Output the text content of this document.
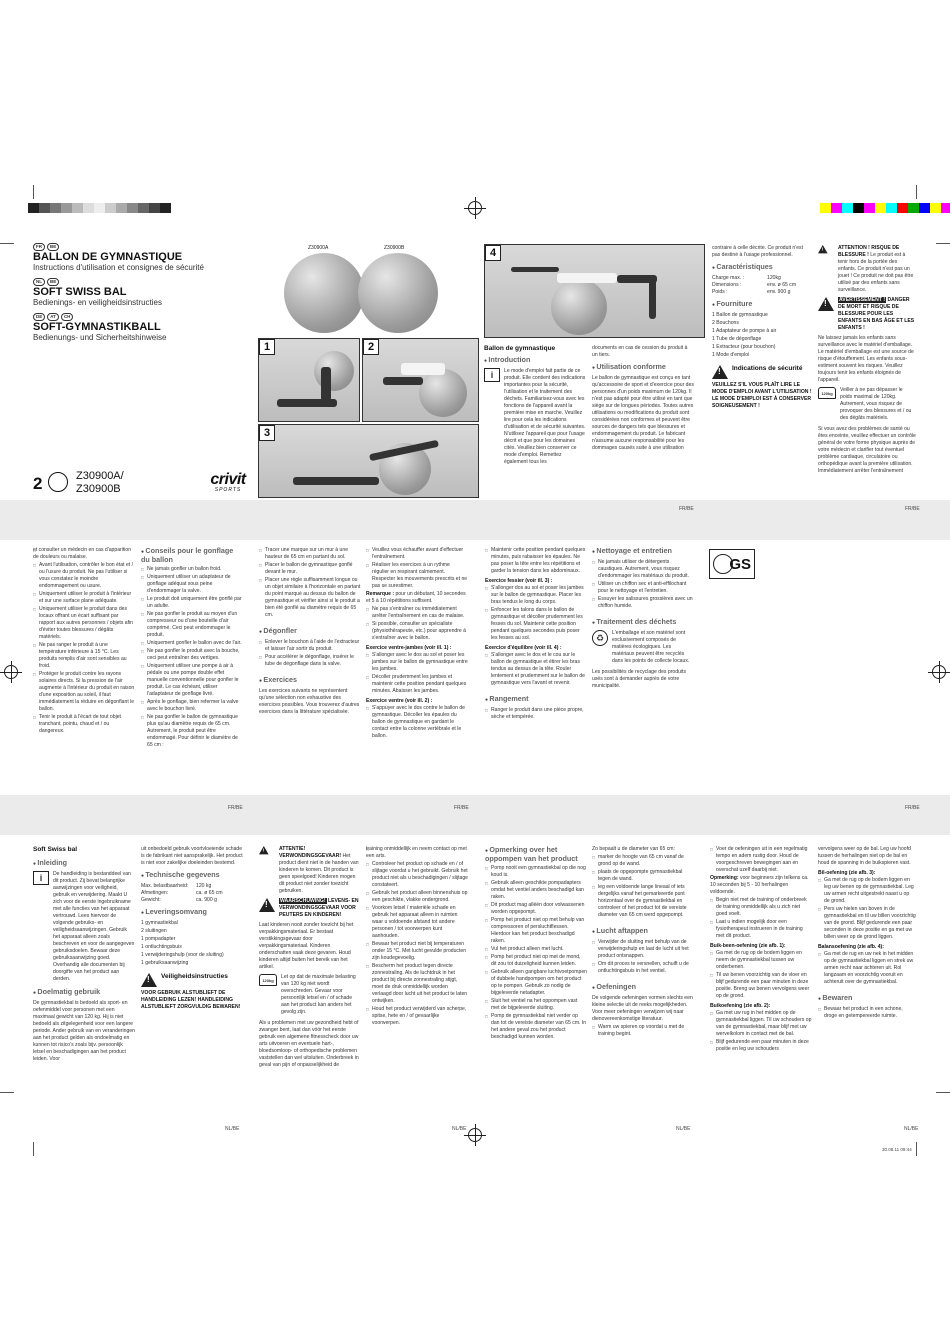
FR BE
BALLON DE GYMNASTIQUE
Instructions d'utilisation et consignes de sécurité
NL BE
SOFT SWISS BAL
Bedienings- en veiligheidsinstructies
DE AT CH
SOFT-GYMNASTIKBALL
Bedienungs- und Sicherheitshinweise
2	Z30900A/
Z30900B
crivit
SPORTS
Z30900A	Z30900B
1	2
3
4
Ballon de gymnastique
● Introduction
i	Le mode d'emploi fait partie de ce produit. Elle contient des indications importantes pour la sécurité, l'utilisation et le traitement des déchets. Familiarisez-vous avec les fonctions de l'appareil avant la première mise en marche. Veuillez lire pour cela les indications d'utilisation et de sécurité suivantes. N'utilisez l'appareil que pour l'usage décrit et que pour les domaines cités. Veuillez bien conserver ce mode d'emploi. Remettez également tous les

documents en cas de cession du produit à un tiers.

● Utilisation conforme

Le ballon de gymnastique est conçu en tant qu'accessoire de sport et d'exercice pour des personnes d'un poids maximum de 120kg. Il n'est pas adapté pour être utilisé en tant que siège sur de longues périodes. Toutes autres utilisations ou modifications du produit sont considérées non conformes et peuvent être sources de dangers tels que blessures et endommagement du produit. Le fabricant n'assume aucune responsabilité pour les dommages causés suite à une utilisation

contraire à celle décrite. Ce produit n'est pas destiné à l'usage professionnel.

● Caractéristiques
Charge max. :	120kg
Dimensions :	env. ø 65 cm
Poids :	env. 900 g
● Fourniture

1 Ballon de gymnastique

2 Bouchons

1 Adaptateur de pompe à air

1 Tube de dégonflage

1 Extracteur (pour bouchon)

1 Mode d'emploi

! Indications de sécurité

VEUILLEZ S'IL VOUS PLAÎT LIRE LE MODE D'EMPLOI AVANT L'UTILISATION ! LE MODE D'EMPLOI EST À CONSERVER SOIGNEUSEMENT !

!	ATTENTION ! RISQUE DE BLESSURE ! Le produit est à tenir hors de la portée des enfants. Ce produit n'est pas un jouet ! Ce produit ne doit pas être utilisé par des enfants sans surveillance.
! AVERTISSEMENT ! DANGER DE MORT ET RISQUE DE BLESSURE POUR LES ENFANTS EN BAS ÂGE ET LES ENFANTS !

Ne laissez jamais les enfants sans surveillance avec le matériel d'emballage. Le matériel d'emballage est une source de risque d'étouffement. Les enfants sous-estiment souvent les risques. Veuillez toujours tenir les enfants éloignés de l'appareil.

120kg

Veiller à ne pas dépasser le poids maximal de 120kg. Autrement, vous risquez de provoquer des blessures et / ou des dégâts matériels.

Si vous avez des problèmes de santé ou êtes enceinte, veuillez effectuer un contrôle général de votre forme physique auprès de votre médecin et clarifier tout éventuel problème cardiaque, circulatoire ou orthopédique avant la première utilisation. Immédiatement arrêter l'entraînement

FR/BE	FR/BE
□ et consulter un médecin en cas d'apparition de douleurs ou malaise.
□ Avant l'utilisation, contrôler le bon état et / ou l'usure du produit. Ne pas l'utiliser si vous constatez le moindre endommagement ou usure.
□ Uniquement utiliser le produit à l'intérieur et sur une surface plane adéquate.
□ Uniquement utiliser le produit dans des locaux offrant un écart suffisant par rapport aux autres personnes / objets afin d'éviter toutes blessures / dégâts matériels.
□ Ne pas ranger le produit à une température inférieure à 15 °C. Les produits remplis d'air sont sensibles au froid.
□ Protéger le produit contre les rayons solaires directs. Si la pression de l'air augmente à l'intérieur du produit en raison d'une exposition au soleil, il faut immédiatement la réduire en dégonflant le ballon.
□ Tenir le produit à l'écart de tout objet tranchant, pointu, chaud et / ou dangereux.
● Conseils pour le gonflage du ballon
□ Ne jamais gonfler un ballon froid.
□ Uniquement utiliser un adaptateur de gonflage adéquat sous peine d'endommager la valve.
□ Le produit doit uniquement être gonflé par un adulte.
□ Ne pas gonfler le produit au moyen d'un compresseur ou d'une bouteille d'air comprimé. Ceci peut endommager le produit.
□ Uniquement gonfler le ballon avec de l'air.
□ Ne pas gonfler le produit avec la bouche, ceci peut entraîner des vertiges.
□ Uniquement utiliser une pompe à air à pédale ou une pompe double effet manuelle conventionnelle pour gonfler le produit. Le cas échéant, utiliser l'adaptateur de gonflage livré.
□ Après le gonflage, bien refermer la valve avec le bouchon livré.
□ Ne pas gonfler le ballon de gymnastique plus qu'au diamètre requis de 65 cm. Autrement, le produit peut être endommagé. Pour définir le diamètre de 65 cm :
□ Tracer une marque sur un mur à une hauteur de 65 cm en partant du sol.
□ Placer le ballon de gymnastique gonflé devant le mur.
□ Placer une règle suffisamment longue ou un objet similaire à l'horizontale en partant du point marqué au dessus du ballon de gymnastique et vérifier ainsi si le produit a bien été gonflé au diamètre requis de 65 cm.
● Dégonfler
□ Enlever le bouchon à l'aide de l'extracteur et laisser l'air sortir du produit.
□ Pour accélérer le dégonflage, insérer le tube de dégonflage dans la valve.
● Exercices

Les exercices suivants ne représentent qu'une sélection non exhaustive des exercices possibles. Vous trouverez d'autres exercices dans la littérature spécialisée.

□ Veuillez vous échauffer avant d'effectuer l'entraînement.
□ Réaliser les exercices à un rythme régulier en respirant calmement. Respecter les mouvements prescrits et ne pas se surestimer.

Remarque : pour un débutant, 10 secondes et 5 à 10 répétitions suffisent.

□ Ne pas s'entraîner ou immédiatement arrêter l'entraînement en cas de malaise.
□ Si possible, consulter un spécialiste (physiothérapeute, etc.) pour apprendre à s'entraîner avec le ballon.
Exercice ventre-jambes (voir ill. 1) :
□ S'allonger avec le dos au sol et poser les jambes sur le ballon de gymnastique entre les jambes.
□ Décoller prudemment les jambes et maintenir cette position pendant quelques minutes. Abaisser les jambes.
Exercice ventre (voir ill. 2) :
□ S'appuyer avec le dos contre le ballon de gymnastique. Décoller les épaules du ballon de gymnastique en gardant le contact entre la colonne vertébrale et le ballon.
□ Maintenir cette position pendant quelques minutes, puis rabaisser les épaules. Ne pas poser la tête entre les répétitions et garder la tension dans les abdominaux.
Exercice fessier (voir ill. 3) :
□ S'allonger dos au sol et poser les jambes sur le ballon de gymnastique. Placer les bras tendus le long du corps.
□ Enfoncer les talons dans le ballon de gymnastique et décoller prudemment les fesses du sol. Maintenir cette position pendant quelques secondes puis poser les fesses au sol.
Exercice d'équilibre (voir ill. 4) :
□ S'allonger avec le dos et le cou sur le ballon de gymnastique et étirer les bras tendus au dessus de la tête. Rouler lentement et prudemment sur le ballon de gymnastique vers l'avant et revenir.
● Rangement
□ Ranger le produit dans une pièce propre, sèche et tempérée.
● Nettoyage et entretien
□ Ne jamais utiliser de détergents caustiques. Autrement, vous risquez d'endommager les matériaux du produit.
□ Utiliser un chiffon sec et anti-effilochant pour le nettoyage et l'entretien.
□ Essuyer les salissures grossières avec un chiffon humide.
● Traitement des déchets
♻	L'emballage et son matériel sont exclusivement composés de matières écologiques. Les matériaux peuvent être recyclés dans les points de collecte locaux.

Les possibilités de recyclage des produits usés sont à demander auprès de votre municipalité.

GS
FR/BE	FR/BE	FR/BE
Soft Swiss bal
● Inleiding
i	De handleiding is bestanddeel van dit product. Zij bevat belangrijke aanwijzingen voor veiligheid, gebruik en verwijdering. Maakt U zich voor de eerste ingebruikname met alle functies van het apparaat vertrouwd. Lees hiervoor de volgende gebruiks- en veiligheidsaanwijzingen. Gebruik het apparaat alleen zoals beschreven en voor de aangegeven gebruiksdoelen. Bewaar deze gebruiksaanwijzing goed. Overhandig alle documenten bij doorgifte van het product aan derden.

● Doelmatig gebruik

De gymnastiekbal is bedoeld als sport- en oefenmiddel voor personen met een maximaal gewicht van 120 kg. Hij is niet bedoeld als zitgelegenheid voor een langere periode. Ander gebruik van en veranderingen aan het product gelden als ondoelmatig en kunnen tot risico's zoals bijv. persoonlijk letsel en beschadigingen aan het product leiden. Voor

uit onbedoeld gebruik voortvloeiende schade is de fabrikant niet aansprakelijk. Het product is niet voor zakelijke doeleinden bestemd.

● Technische gegevens
Max. belastbaarheid:	120 kg
Afmetingen:	ca. ø 65 cm
Gewicht:	ca. 900 g
● Leveringsomvang

1 gymnastiekbal

2 sluitingen

1 pompadapter

1 ontluchtingsbuis

1 verwijderingshulp (voor de sluiting)

1 gebruiksaanwijzing

! Veiligheidsinstructies

VOOR GEBRUIK ALSTUBLIEFT DE HANDLEIDING LEZEN! HANDLEIDING ALSTUBLIEFT ZORGVULDIG BEWAREN!

!	ATTENTIE! VERWONDINGSGEVAAR! Het product dient niet in de handen van kinderen te komen. Dit product is geen speelgoed! Kinderen mogen dit product niet zonder toezicht gebruiken.
! WAARSCHUWING! LEVENS- EN VERWONDINGSGEVAAR VOOR PEUTERS EN KINDEREN!

Laat kinderen nooit zonder toezicht bij het verpakkingsmateriaal. Er bestaat verstikkingsgevaar door verpakkingsmateriaal. Kinderen onderschatten vaak deze gevaren. Houd kinderen altijd buiten het bereik van het artikel.

120kg

Let op dat de maximale belasting van 120 kg niet wordt overschreden. Gevaar voor persoonlijk letsel en / of schade aan het product kan anders het gevolg zijn.

Als u problemen met uw gezondheid hebt of zwanger bent, laat dan vóór het eerste gebruik een algemene fitnesscheck door uw arts uitvoeren en eventuele hart-, bloedsomloop- of orthopedische problemen vaststellen dan wel uitsluiten. Onderbreek in geval van pijn of onpasselijkheid de

□ training onmiddellijk en neem contact op met een arts.
□ Controleer het product op schade en / of slijtage voordat u het gebruikt. Gebruik het product niet als u beschadigingen / slijtage constateert.
□ Gebruik het product alleen binnenshuis op een geschikte, vlakke ondergrond.
□ Voorkom letsel / materiële schade en gebruik het apparaat alleen in ruimten waar u voldoende afstand tot andere personen / tot voorwerpen kunt aanhouden.
□ Bewaar het product niet bij temperaturen onder 15 °C. Met lucht gevulde producten zijn koudegevoelig.
□ Bescherm het product tegen directe zonnestraling. Als de luchtdruk in het product bij directe zonnestraling stijgt, moet de druk onmiddellijk worden verlaagd door lucht uit het product te laten ontwijken.
□ Houd het product verwijderd van scherpe, spitse, hete en / of gevaarlijke voorwerpen.
● Opmerking over het oppompen van het product
□ Pomp nooit een gymnastiekbal op die nog koud is.
□ Gebruik alleen geschikte pompadapters omdat het ventiel anders beschadigd kan raken.
□ Dit product mag alléén door volwassenen worden opgepompt.
□ Pomp het product niet op met behulp van compressoren of persluchtflessen. Hierdoor kan het product beschadigd raken.
□ Vul het product alleen met lucht.
□ Pomp het product niet op met de mond, dit zou tot duizeligheid kunnen leiden.
□ Gebruik alleen gangbare luchtvoetpompen of dubbele handpompen om het product op te pompen. Gebruik zo nodig de bijgeleverde netadapter.
□ Sluit het ventiel na het oppompen vast met de bijgeleverde sluiting.
□ Pomp de gymnastiekbal niet verder op dan tot de vereiste diameter van 65 cm. In het andere geval zou het product beschadigd kunnen worden.

Zo bepaalt u de diameter van 65 cm:

□ marker de hoogte van 65 cm vanaf de grond op de wand.
□ plaats de opgepompte gymnastiekbal tegen de wand.
□ leg een voldoende lange lineaal of iets dergelijks vanaf het gemarkeerde punt horizontaal over de gymnastiekbal en controleer of het product tot de vereiste diameter van 65 cm werd opgepompt.
● Lucht aftappen
□ Verwijder de sluiting met behulp van de verwijderingshulp en laat de lucht uit het product ontsnappen.
□ Om dit proces te versnellen, schuift u de ontluchtingsbuis in het ventiel.
● Oefeningen

De volgende oefeningen vormen slechts een kleine selectie uit de reeks mogelijkheden. Voor meer oefeningen verwijzen wij naar dienovereenkomstige literatuur.

□ Warm uw spieren op voordat u met de training begint.
□ Voer de oefeningen uit in een regelmatig tempo en adem rustig door. Houd de voorgeschreven bewegingen aan en overschat uzelf daarbij niet.

Opmerking: voor beginners zijn telkens ca. 10 seconden bij 5 - 10 herhalingen voldoende.

□ Begin niet met de training of onderbreek de training onmiddellijk als u zich niet goed voelt.
□ Laat u indien mogelijk door een fysiotherapeut instrueren in de training met dit product.
Buik-been-oefening (zie afb. 1):
□ Ga met de rug op de bodem liggen en neem de gymnastiekbal tussen uw onderbenen.
□ Til uw benen voorzichtig van de vloer en blijf gedurende een paar minuten in deze positie. Breng uw benen vervolgens weer op de grond.
Buikoefening (zie afb. 2):
□ Ga met uw rug in het midden op de gymnastiekbal liggen. Til uw schouders op van de gymnastiekbal, maar blijf met uw wervelkolom in contact met de bal.
□ Blijf gedurende een paar minuten in deze positie en leg uw schouders

vervolgens weer op de bal. Leg uw hoofd tussen de herhalingen niet op de bal en houd de spanning in de buikspieren vast.

Bil-oefening (zie afb. 3):
□ Ga met de rug op de bodem liggen en leg uw benen op de gymnastiekbal. Leg uw armen recht uitgestrekt naast u op de grond.
□ Pers uw hielen van boven in de gymnastiekbal en til uw billen voorzichtig van de grond. Blijf gedurende een paar seconden in deze positie en ga met uw billen weer op de grond liggen.
Balansoefening (zie afb. 4):
□ Ga met de rug en uw nek in het midden op de gymnastiekbal liggen en strek uw armen recht naar achteren uit. Rol langzaam en voorzichtig vooruit en achteruit over de gymnastiekbal.
● Bewaren
□ Bewaar het product in een schone, droge en getempereerde ruimte.
NL/BE	NL/BE	NL/BE	NL/BE
30.08.11 09:44
